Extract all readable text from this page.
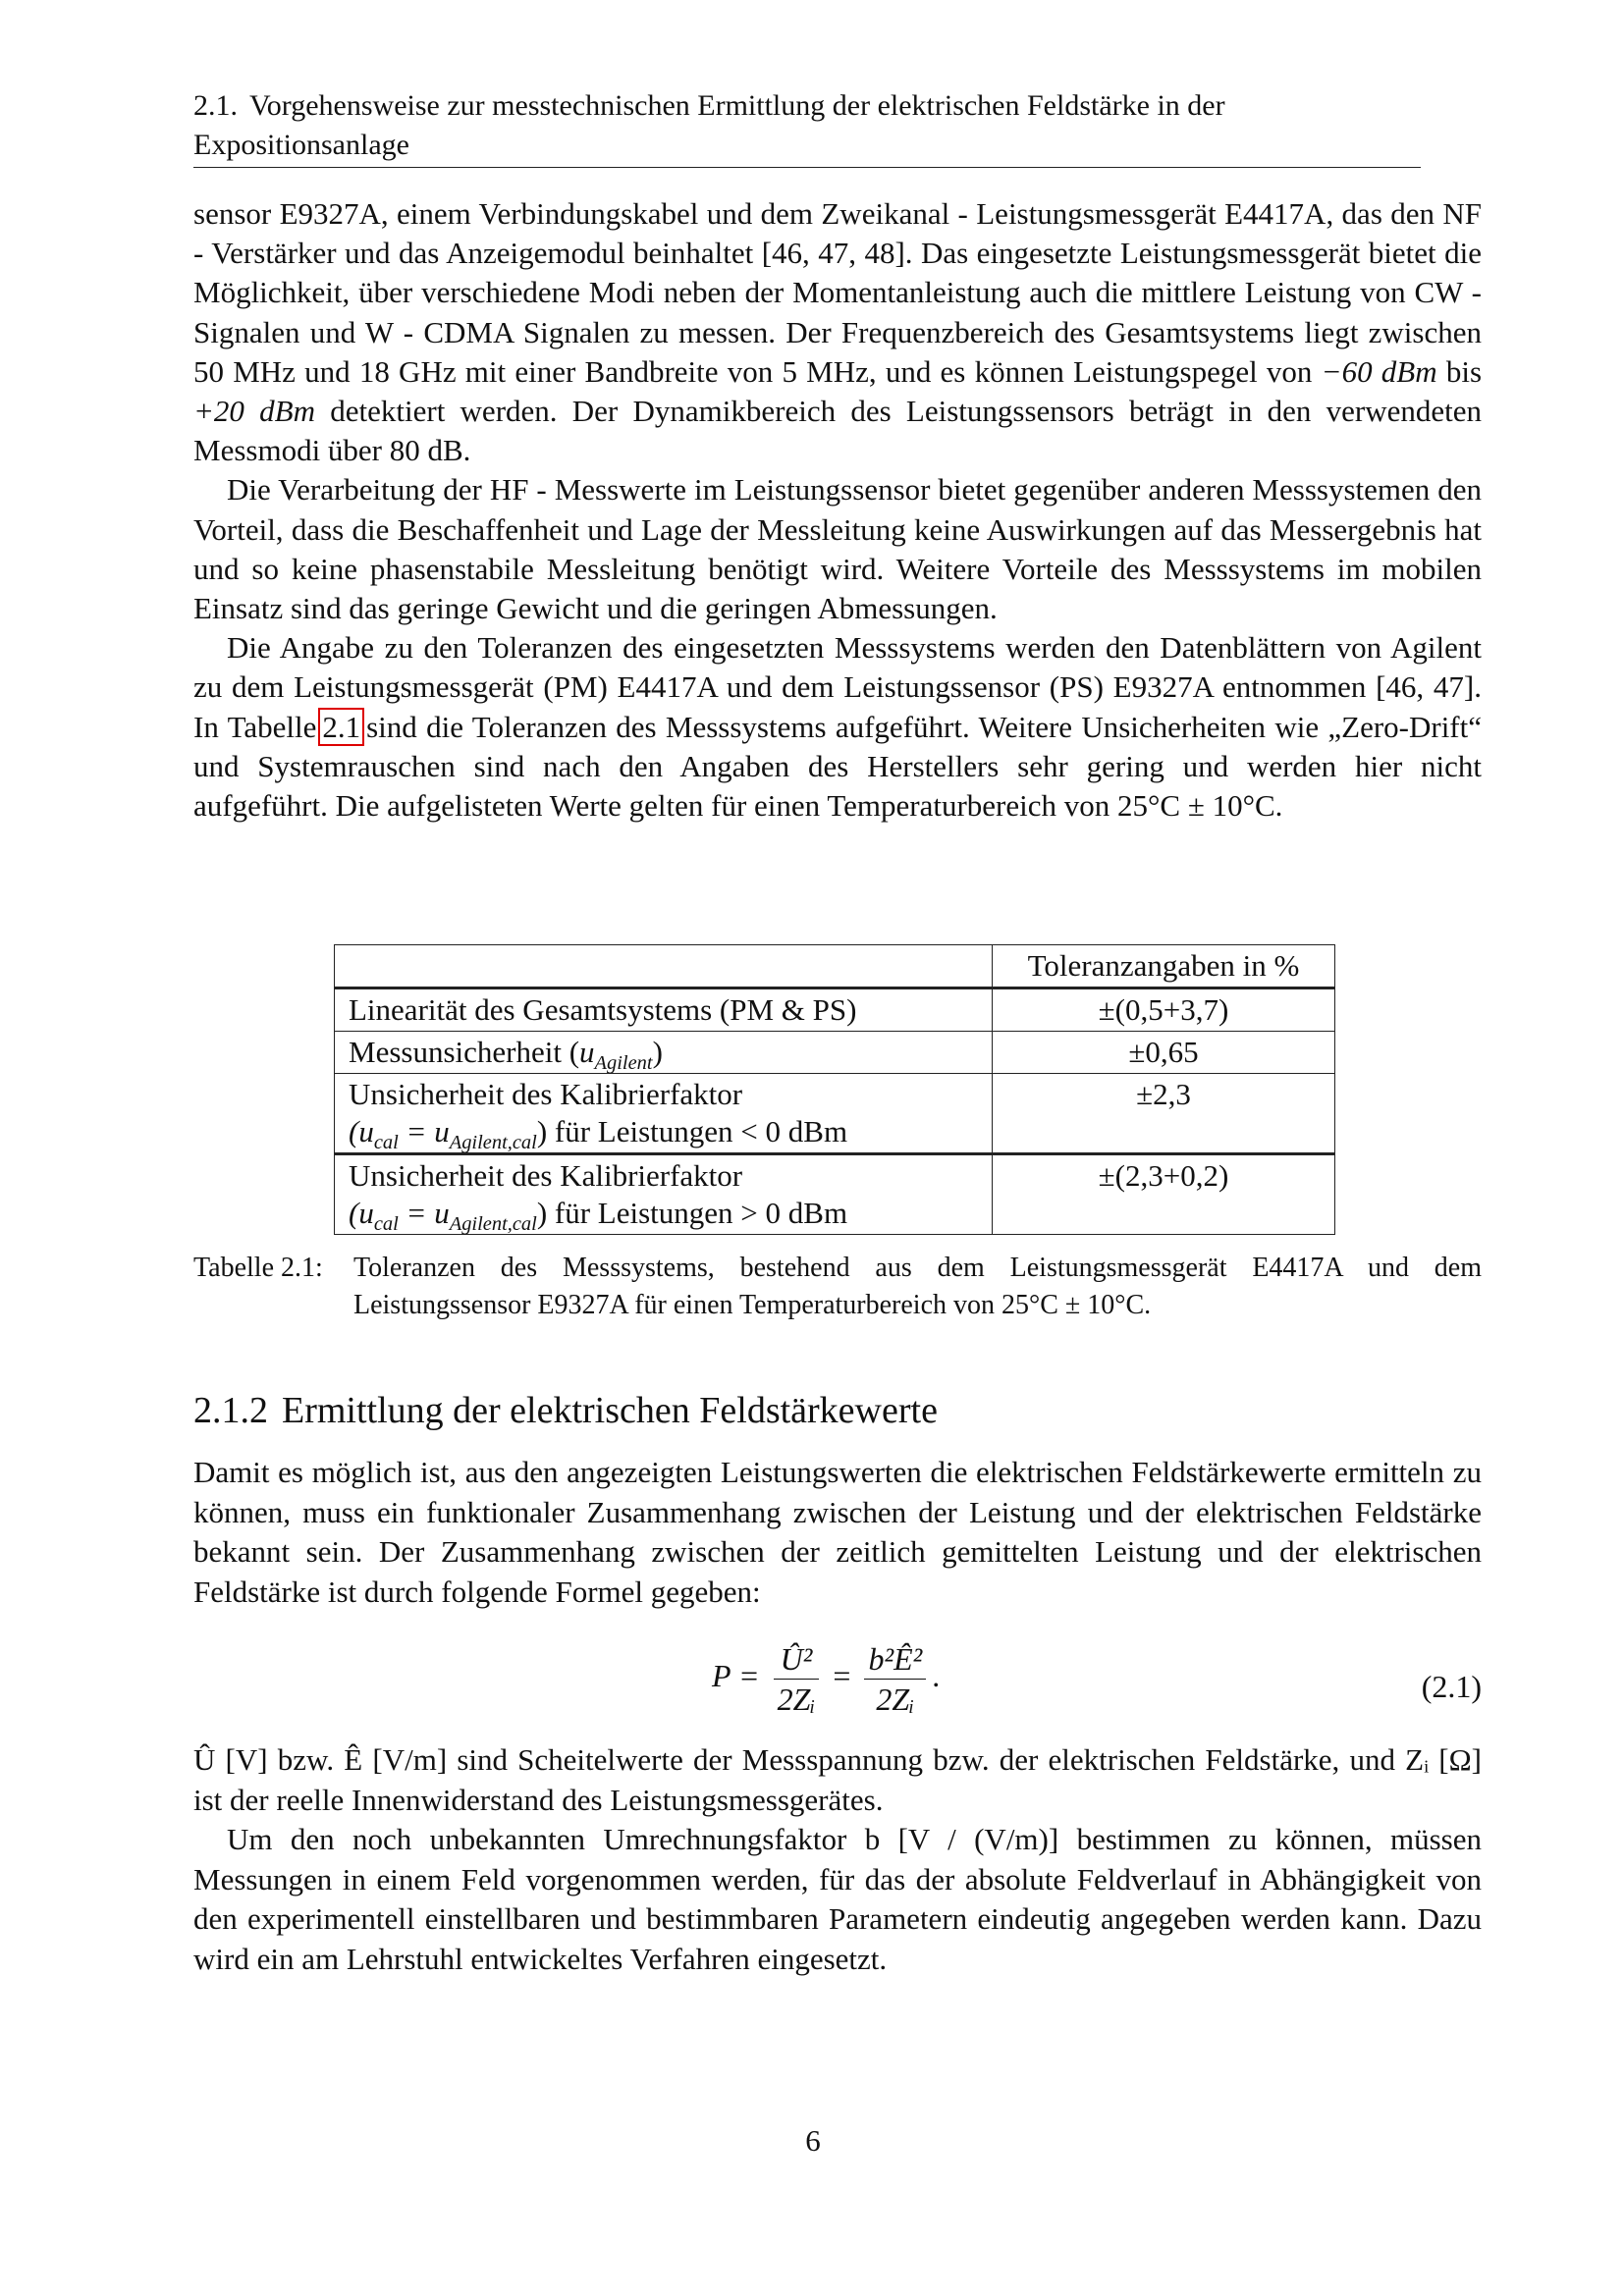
2.1. Vorgehensweise zur messtechnischen Ermittlung der elektrischen Feldstärke in der Expositionsanlage

sensor E9327A, einem Verbindungskabel und dem Zweikanal - Leistungsmessgerät E4417A, das den NF - Verstärker und das Anzeigemodul beinhaltet [46, 47, 48]. Das eingesetzte Leistungsmessgerät bietet die Möglichkeit, über verschiedene Modi neben der Momentanleistung auch die mittlere Leistung von CW - Signalen und W - CDMA Signalen zu messen. Der Frequenzbereich des Gesamtsystems liegt zwischen 50 MHz und 18 GHz mit einer Bandbreite von 5 MHz, und es können Leistungspegel von −60 dBm bis +20 dBm detektiert werden. Der Dynamikbereich des Leistungssensors beträgt in den verwendeten Messmodi über 80 dB.

Die Verarbeitung der HF - Messwerte im Leistungssensor bietet gegenüber anderen Messsystemen den Vorteil, dass die Beschaffenheit und Lage der Messleitung keine Auswirkungen auf das Messergebnis hat und so keine phasenstabile Messleitung benötigt wird. Weitere Vorteile des Messsystems im mobilen Einsatz sind das geringe Gewicht und die geringen Abmessungen.

Die Angabe zu den Toleranzen des eingesetzten Messsystems werden den Datenblättern von Agilent zu dem Leistungsmessgerät (PM) E4417A und dem Leistungssensor (PS) E9327A entnommen [46, 47]. In Tabelle 2.1 sind die Toleranzen des Messsystems aufgeführt. Weitere Unsicherheiten wie „Zero-Drift“ und Systemrauschen sind nach den Angaben des Herstellers sehr gering und werden hier nicht aufgeführt. Die aufgelisteten Werte gelten für einen Temperaturbereich von 25°C ± 10°C.

	Toleranzangaben in %
Linearität des Gesamtsystems (PM & PS)	±(0,5+3,7)
Messunsicherheit $(u_{Agilent})$	±0,65
Unsicherheit des Kalibrierfaktor
$(u_{cal} = u_{Agilent,cal})$ für Leistungen < 0 dBm	±2,3
Unsicherheit des Kalibrierfaktor
$(u_{cal} = u_{Agilent,cal})$ für Leistungen > 0 dBm	±(2,3+0,2)
Tabelle 2.1: Toleranzen des Messsystems, bestehend aus dem Leistungsmessgerät E4417A und dem Leistungssensor E9327A für einen Temperaturbereich von 25°C ± 10°C.
2.1.2 Ermittlung der elektrischen Feldstärkewerte

Damit es möglich ist, aus den angezeigten Leistungswerten die elektrischen Feldstärkewerte ermitteln zu können, muss ein funktionaler Zusammenhang zwischen der Leistung und der elektrischen Feldstärke bekannt sein. Der Zusammenhang zwischen der zeitlich gemittelten Leistung und der elektrischen Feldstärke ist durch folgende Formel gegeben:

$P = \frac{\text{Û²}}{\text{2Zᵢ}} = \frac{\text{b²Ê²}}{\text{2Zᵢ}}$ .	(2.1)

Û [V] bzw. Ê [V/m] sind Scheitelwerte der Messspannung bzw. der elektrischen Feldstärke, und Zᵢ [Ω] ist der reelle Innenwiderstand des Leistungsmessgerätes.

Um den noch unbekannten Umrechnungsfaktor b [V / (V/m)] bestimmen zu können, müssen Messungen in einem Feld vorgenommen werden, für das der absolute Feldverlauf in Abhängigkeit von den experimentell einstellbaren und bestimmbaren Parametern eindeutig angegeben werden kann. Dazu wird ein am Lehrstuhl entwickeltes Verfahren eingesetzt.

6
